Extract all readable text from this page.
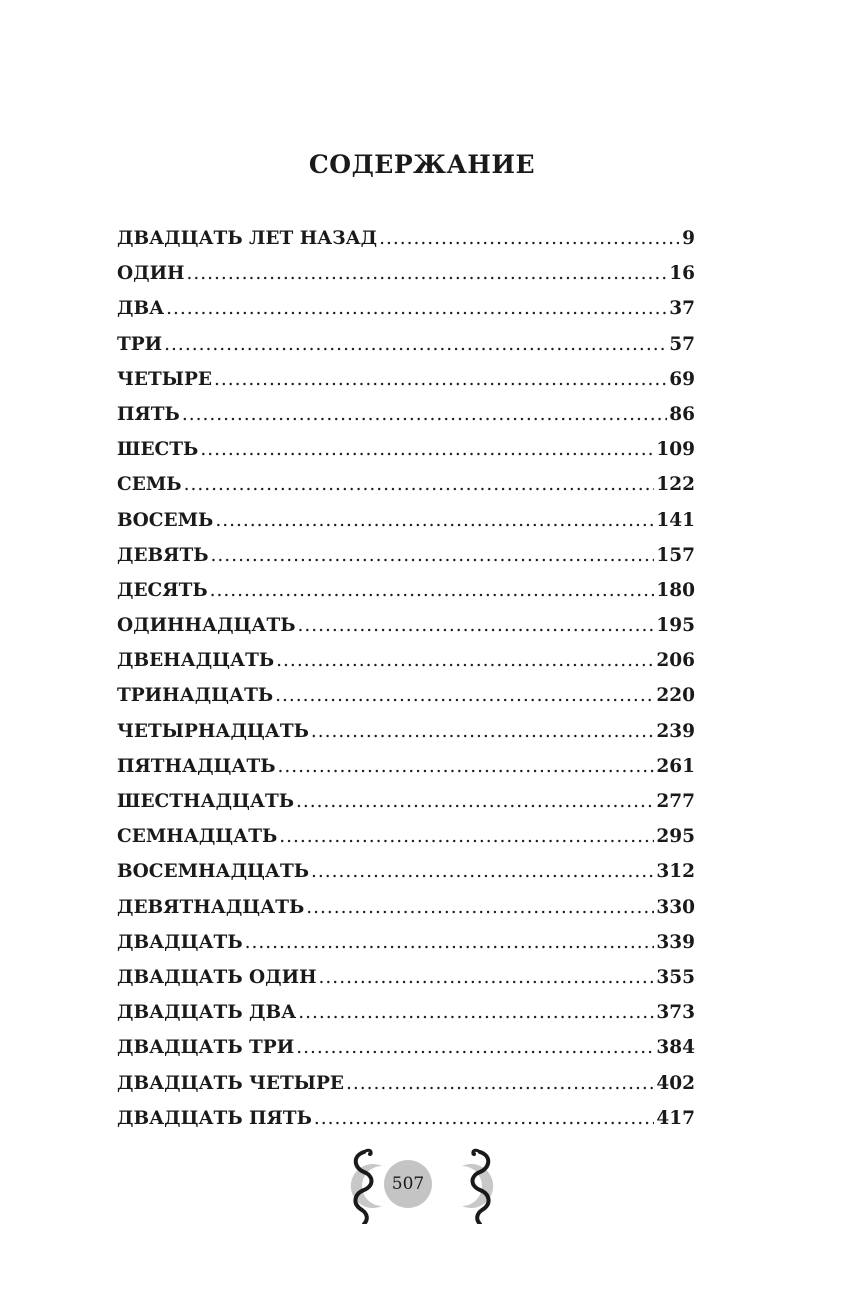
СОДЕРЖАНИЕ
ДВАДЦАТЬ ЛЕТ НАЗАД .....	9
ОДИН .....	16
ДВА .....	37
ТРИ .....	57
ЧЕТЫРЕ .....	69
ПЯТЬ .....	86
ШЕСТЬ .....	109
СЕМЬ .....	122
ВОСЕМЬ .....	141
ДЕВЯТЬ .....	157
ДЕСЯТЬ .....	180
ОДИННАДЦАТЬ .....	195
ДВЕНАДЦАТЬ .....	206
ТРИНАДЦАТЬ .....	220
ЧЕТЫРНАДЦАТЬ .....	239
ПЯТНАДЦАТЬ .....	261
ШЕСТНАДЦАТЬ .....	277
СЕМНАДЦАТЬ .....	295
ВОСЕМНАДЦАТЬ .....	312
ДЕВЯТНАДЦАТЬ .....	330
ДВАДЦАТЬ .....	339
ДВАДЦАТЬ ОДИН .....	355
ДВАДЦАТЬ ДВА .....	373
ДВАДЦАТЬ ТРИ .....	384
ДВАДЦАТЬ ЧЕТЫРЕ .....	402
ДВАДЦАТЬ ПЯТЬ .....	417
507
